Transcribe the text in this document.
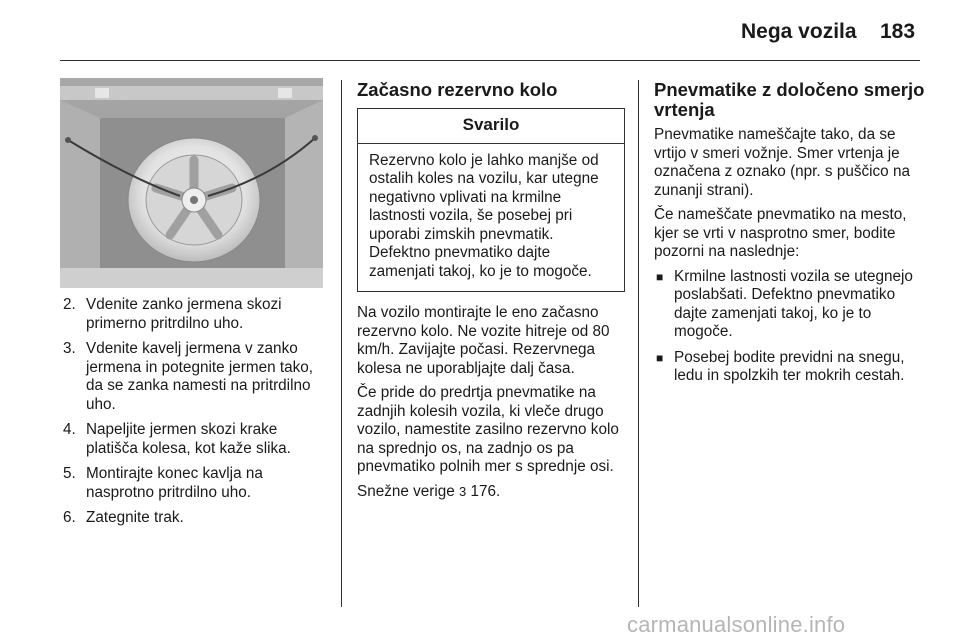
Nega vozila 183
2. Vdenite zanko jermena skozi primerno pritrdilno uho.
3. Vdenite kavelj jermena v zanko jermena in potegnite jermen tako, da se zanka namesti na pritrdilno uho.
4. Napeljite jermen skozi krake platišča kolesa, kot kaže slika.
5. Montirajte konec kavlja na nasprotno pritrdilno uho.
6. Zategnite trak.
Začasno rezervno kolo
Svarilo
Rezervno kolo je lahko manjše od ostalih koles na vozilu, kar utegne negativno vplivati na krmilne lastnosti vozila, še posebej pri uporabi zimskih pnevmatik. Defektno pnevmatiko dajte zamenjati takoj, ko je to mogoče.

Na vozilo montirajte le eno začasno rezervno kolo. Ne vozite hitreje od 80 km/h. Zavijajte počasi. Rezervnega kolesa ne uporabljajte dalj časa.

Če pride do predrtja pnevmatike na zadnjih kolesih vozila, ki vleče drugo vozilo, namestite zasilno rezervno kolo na sprednjo os, na zadnjo os pa pnevmatiko polnih mer s sprednje osi.

Snežne verige 3 176.

Pnevmatike z določeno smerjo vrtenja

Pnevmatike nameščajte tako, da se vrtijo v smeri vožnje. Smer vrtenja je označena z oznako (npr. s puščico na zunanji strani).

Če nameščate pnevmatiko na mesto, kjer se vrti v nasprotno smer, bodite pozorni na naslednje:

■ Krmilne lastnosti vozila se utegnejo poslabšati. Defektno pnevmatiko dajte zamenjati takoj, ko je to mogoče.
■ Posebej bodite previdni na snegu, ledu in spolzkih ter mokrih cestah.
carmanualsonline.info
